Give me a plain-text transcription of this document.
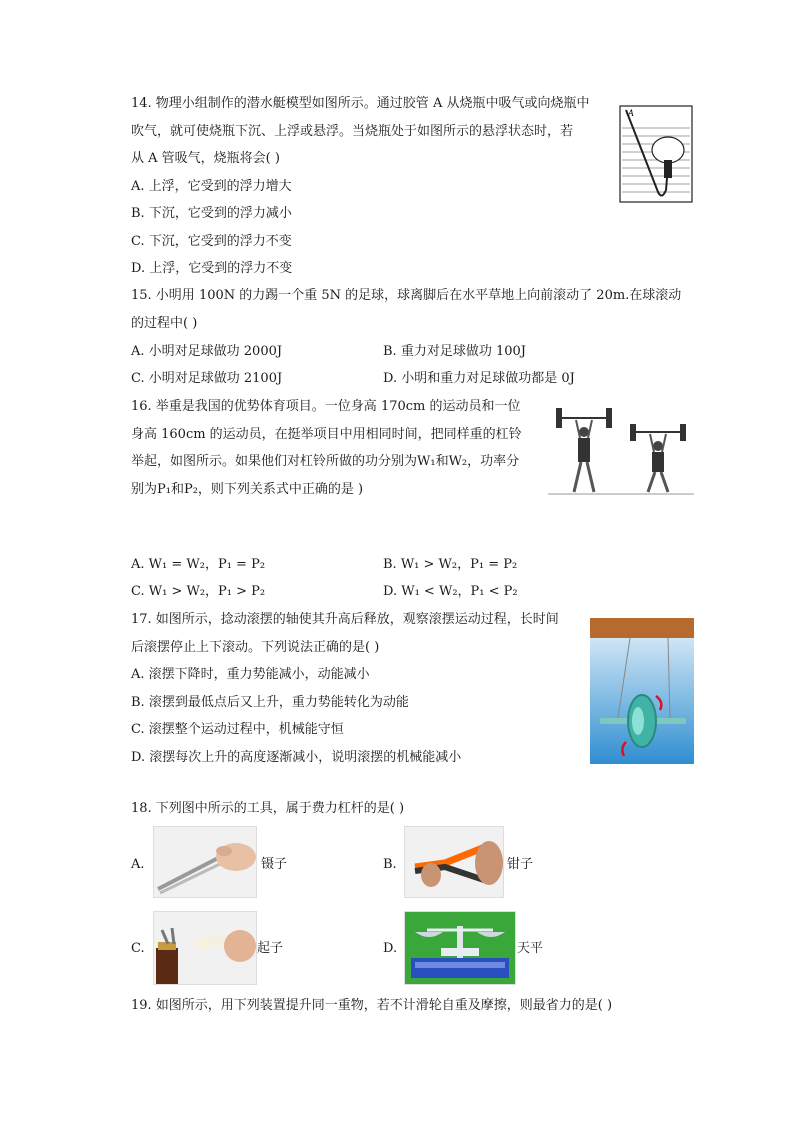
14. 物理小组制作的潜水艇模型如图所示。通过胶管 A 从烧瓶中吸气或向烧瓶中
吹气，就可使烧瓶下沉、上浮或悬浮。当烧瓶处于如图所示的悬浮状态时，若
从 A 管吸气，烧瓶将会( )
A. 上浮，它受到的浮力增大
B. 下沉，它受到的浮力减小
C. 下沉，它受到的浮力不变
D. 上浮，它受到的浮力不变
A
15. 小明用 100N 的力踢一个重 5N 的足球，球离脚后在水平草地上向前滚动了 20m.在球滚动
的过程中( )
A. 小明对足球做功 2000J	B. 重力对足球做功 100J
C. 小明对足球做功 2100J	D. 小明和重力对足球做功都是 0J
16. 举重是我国的优势体育项目。一位身高 170cm 的运动员和一位
身高 160cm 的运动员，在挺举项目中用相同时间，把同样重的杠铃
举起，如图所示。如果他们对杠铃所做的功分别为W₁和W₂，功率分
别为P₁和P₂，则下列关系式中正确的是 )
A. W₁ = W₂，P₁ = P₂	B. W₁ > W₂，P₁ = P₂
C. W₁ > W₂，P₁ > P₂	D. W₁ < W₂，P₁ < P₂
17. 如图所示，捻动滚摆的轴使其升高后释放，观察滚摆运动过程，长时间
后滚摆停止上下滚动。下列说法正确的是( )
A. 滚摆下降时，重力势能减小，动能减小
B. 滚摆到最低点后又上升，重力势能转化为动能
C. 滚摆整个运动过程中，机械能守恒
D. 滚摆每次上升的高度逐渐减小，说明滚摆的机械能减小
18. 下列图中所示的工具，属于费力杠杆的是( )
A.	镊子	B.	钳子
C.	起子	D.	天平
19. 如图所示，用下列装置提升同一重物，若不计滑轮自重及摩擦，则最省力的是( )
